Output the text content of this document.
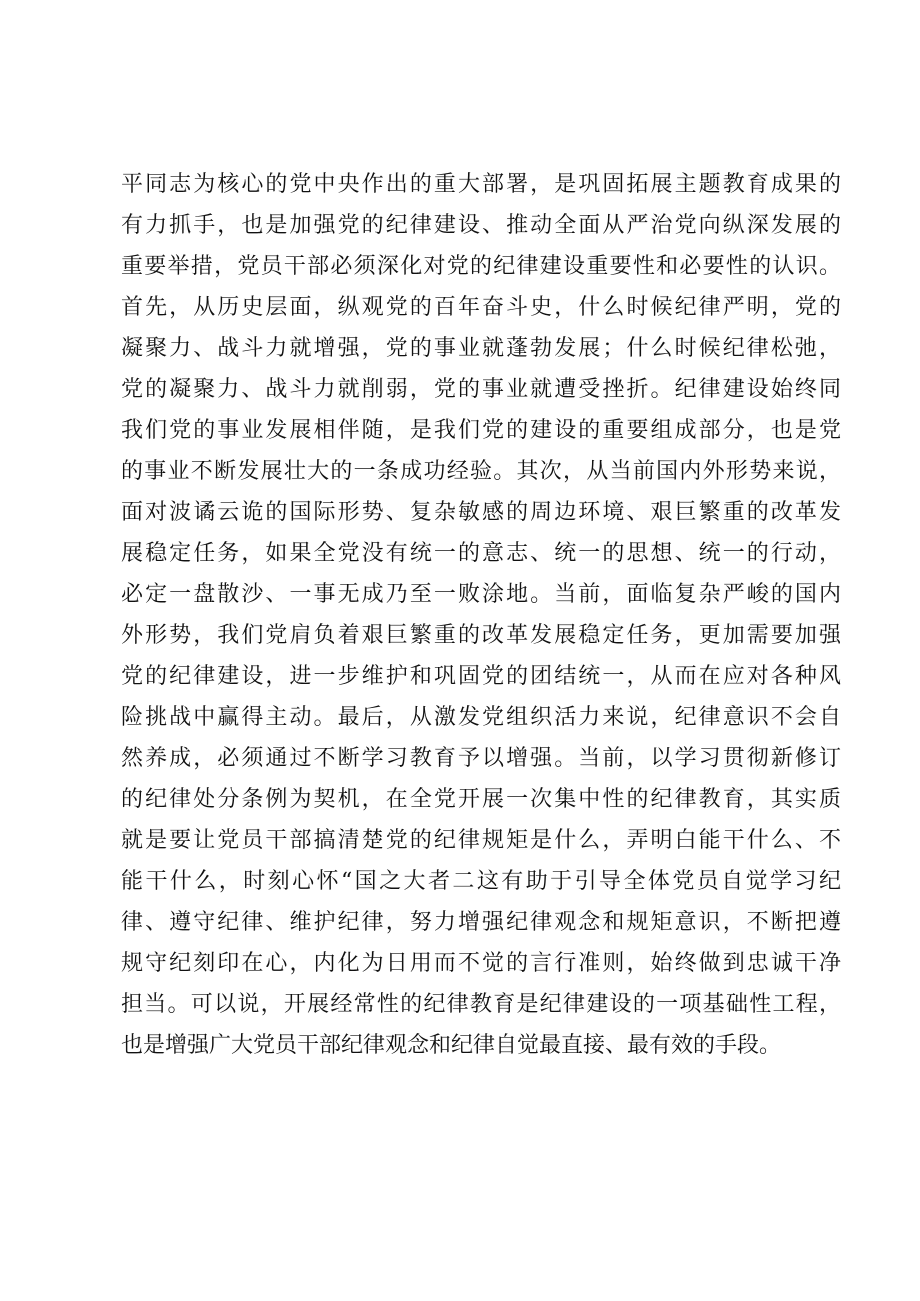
平同志为核心的党中央作出的重大部署，是巩固拓展主题教育成果的
有力抓手，也是加强党的纪律建设、推动全面从严治党向纵深发展的
重要举措，党员干部必须深化对党的纪律建设重要性和必要性的认识。
首先，从历史层面，纵观党的百年奋斗史，什么时候纪律严明，党的
凝聚力、战斗力就增强，党的事业就蓬勃发展；什么时候纪律松弛，
党的凝聚力、战斗力就削弱，党的事业就遭受挫折。纪律建设始终同
我们党的事业发展相伴随，是我们党的建设的重要组成部分，也是党
的事业不断发展壮大的一条成功经验。其次，从当前国内外形势来说，
面对波谲云诡的国际形势、复杂敏感的周边环境、艰巨繁重的改革发
展稳定任务，如果全党没有统一的意志、统一的思想、统一的行动，
必定一盘散沙、一事无成乃至一败涂地。当前，面临复杂严峻的国内
外形势，我们党肩负着艰巨繁重的改革发展稳定任务，更加需要加强
党的纪律建设，进一步维护和巩固党的团结统一，从而在应对各种风
险挑战中赢得主动。最后，从激发党组织活力来说，纪律意识不会自
然养成，必须通过不断学习教育予以增强。当前，以学习贯彻新修订
的纪律处分条例为契机，在全党开展一次集中性的纪律教育，其实质
就是要让党员干部搞清楚党的纪律规矩是什么，弄明白能干什么、不
能干什么，时刻心怀“国之大者二这有助于引导全体党员自觉学习纪
律、遵守纪律、维护纪律，努力增强纪律观念和规矩意识，不断把遵
规守纪刻印在心，内化为日用而不觉的言行准则，始终做到忠诚干净
担当。可以说，开展经常性的纪律教育是纪律建设的一项基础性工程，
也是增强广大党员干部纪律观念和纪律自觉最直接、最有效的手段。
